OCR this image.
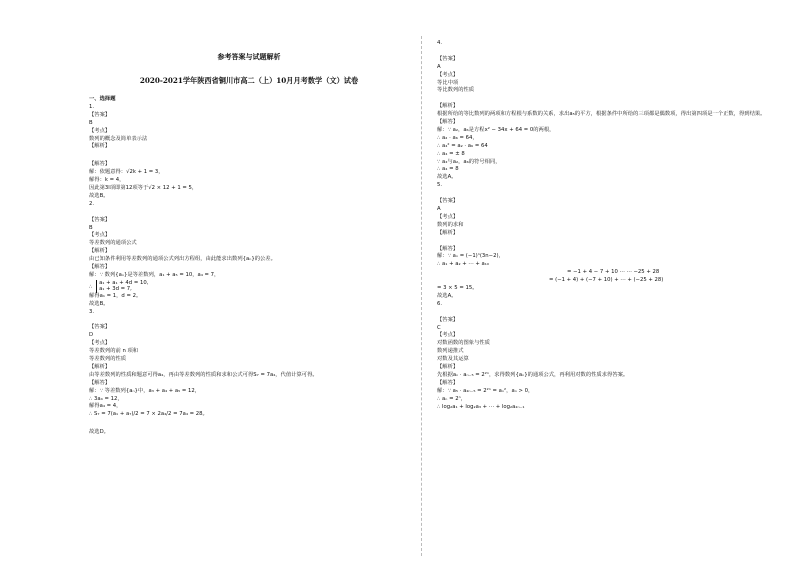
参考答案与试题解析
2020-2021学年陕西省铜川市高二（上）10月月考数学（文）试卷
一、选择题
1.
【答案】
B
【考点】
数列的概念及简单表示法
【解析】
【解答】
解：依题意得：√2k + 1 = 3，
解得：k = 4，
因此第3l项即第12项等于√2 × 12 + 1 = 5，
故选B。
2.
【答案】
B
【考点】
等差数列的通项公式
【解析】
由已知条件利用等差数列的通项公式列出方程组，由此能求出数列{aₙ}的公差。
【解答】
解：∵ 数列{aₙ}是等差数列，a₁ + a₅ = 10，a₄ = 7，
∴ a₁ + a₁ + 4d = 10,
a₁ + 3d = 7,
解得a₁ = 1，d = 2。
故选B。
3.
【答案】
D
【考点】
等差数列的前 n 项和
等差数列的性质
【解析】
由等差数列的性质和题意可得a₄，再由等差数列的性质和求和公式可得S₇ = 7a₄，代值计算可得。
【解答】
解：∵ 等差数列{aₙ}中，a₃ + a₄ + a₅ = 12，
∴ 3a₄ = 12，
解得a₄ = 4，
∴ S₇ = 7(a₁ + a₇)/2 = 7 × 2a₄/2 = 7a₄ = 28。
故选D。
4.
【答案】
A
【考点】
等比中项
等比数列的性质
【解析】
根据所给的等比数列的两项和方程根与系数的关系，求出a₅的平方，根据条件中所给的三项都是偶数项，得出第四项是一个正数，得到结果。
【解答】
解：∵ a₂，a₆是方程x² − 34x + 64 = 0的两根，
∴ a₂ · a₆ = 64，
∴ a₄² = a₂ · a₆ = 64
∴ a₄ = ± 8
∵ a₄与a₂，a₆的符号相同，
∴ a₄ = 8
故选A。
5.
【答案】
A
【考点】
数列的求和
【解析】
【解答】
解：∵ aₙ = (−1)ⁿ(3n−2)，
∴ a₁ + a₂ + ⋯ + a₁₀
= −1 + 4 − 7 + 10 ⋯ ⋯ −25 + 28
= (−1 + 4) + (−7 + 10) + ⋯ + (−25 + 28)
= 3 × 5 = 15。
故选A。
6.
【答案】
C
【考点】
对数函数的图象与性质
数列递推式
对数及其运算
【解析】
先根据aₙ · aₙ₋₅ = 2²ⁿ，求得数列{aₙ}的通项公式，再利用对数的性质求得答案。
【解答】
解：∵ a₅ · a₂ₙ₋₅ = 2²ⁿ = aₙ²，aₙ > 0，
∴ aₙ = 2ⁿ，
∴ log₂a₁ + log₂a₃ + ⋯ + log₂a₂ₙ₋₁
